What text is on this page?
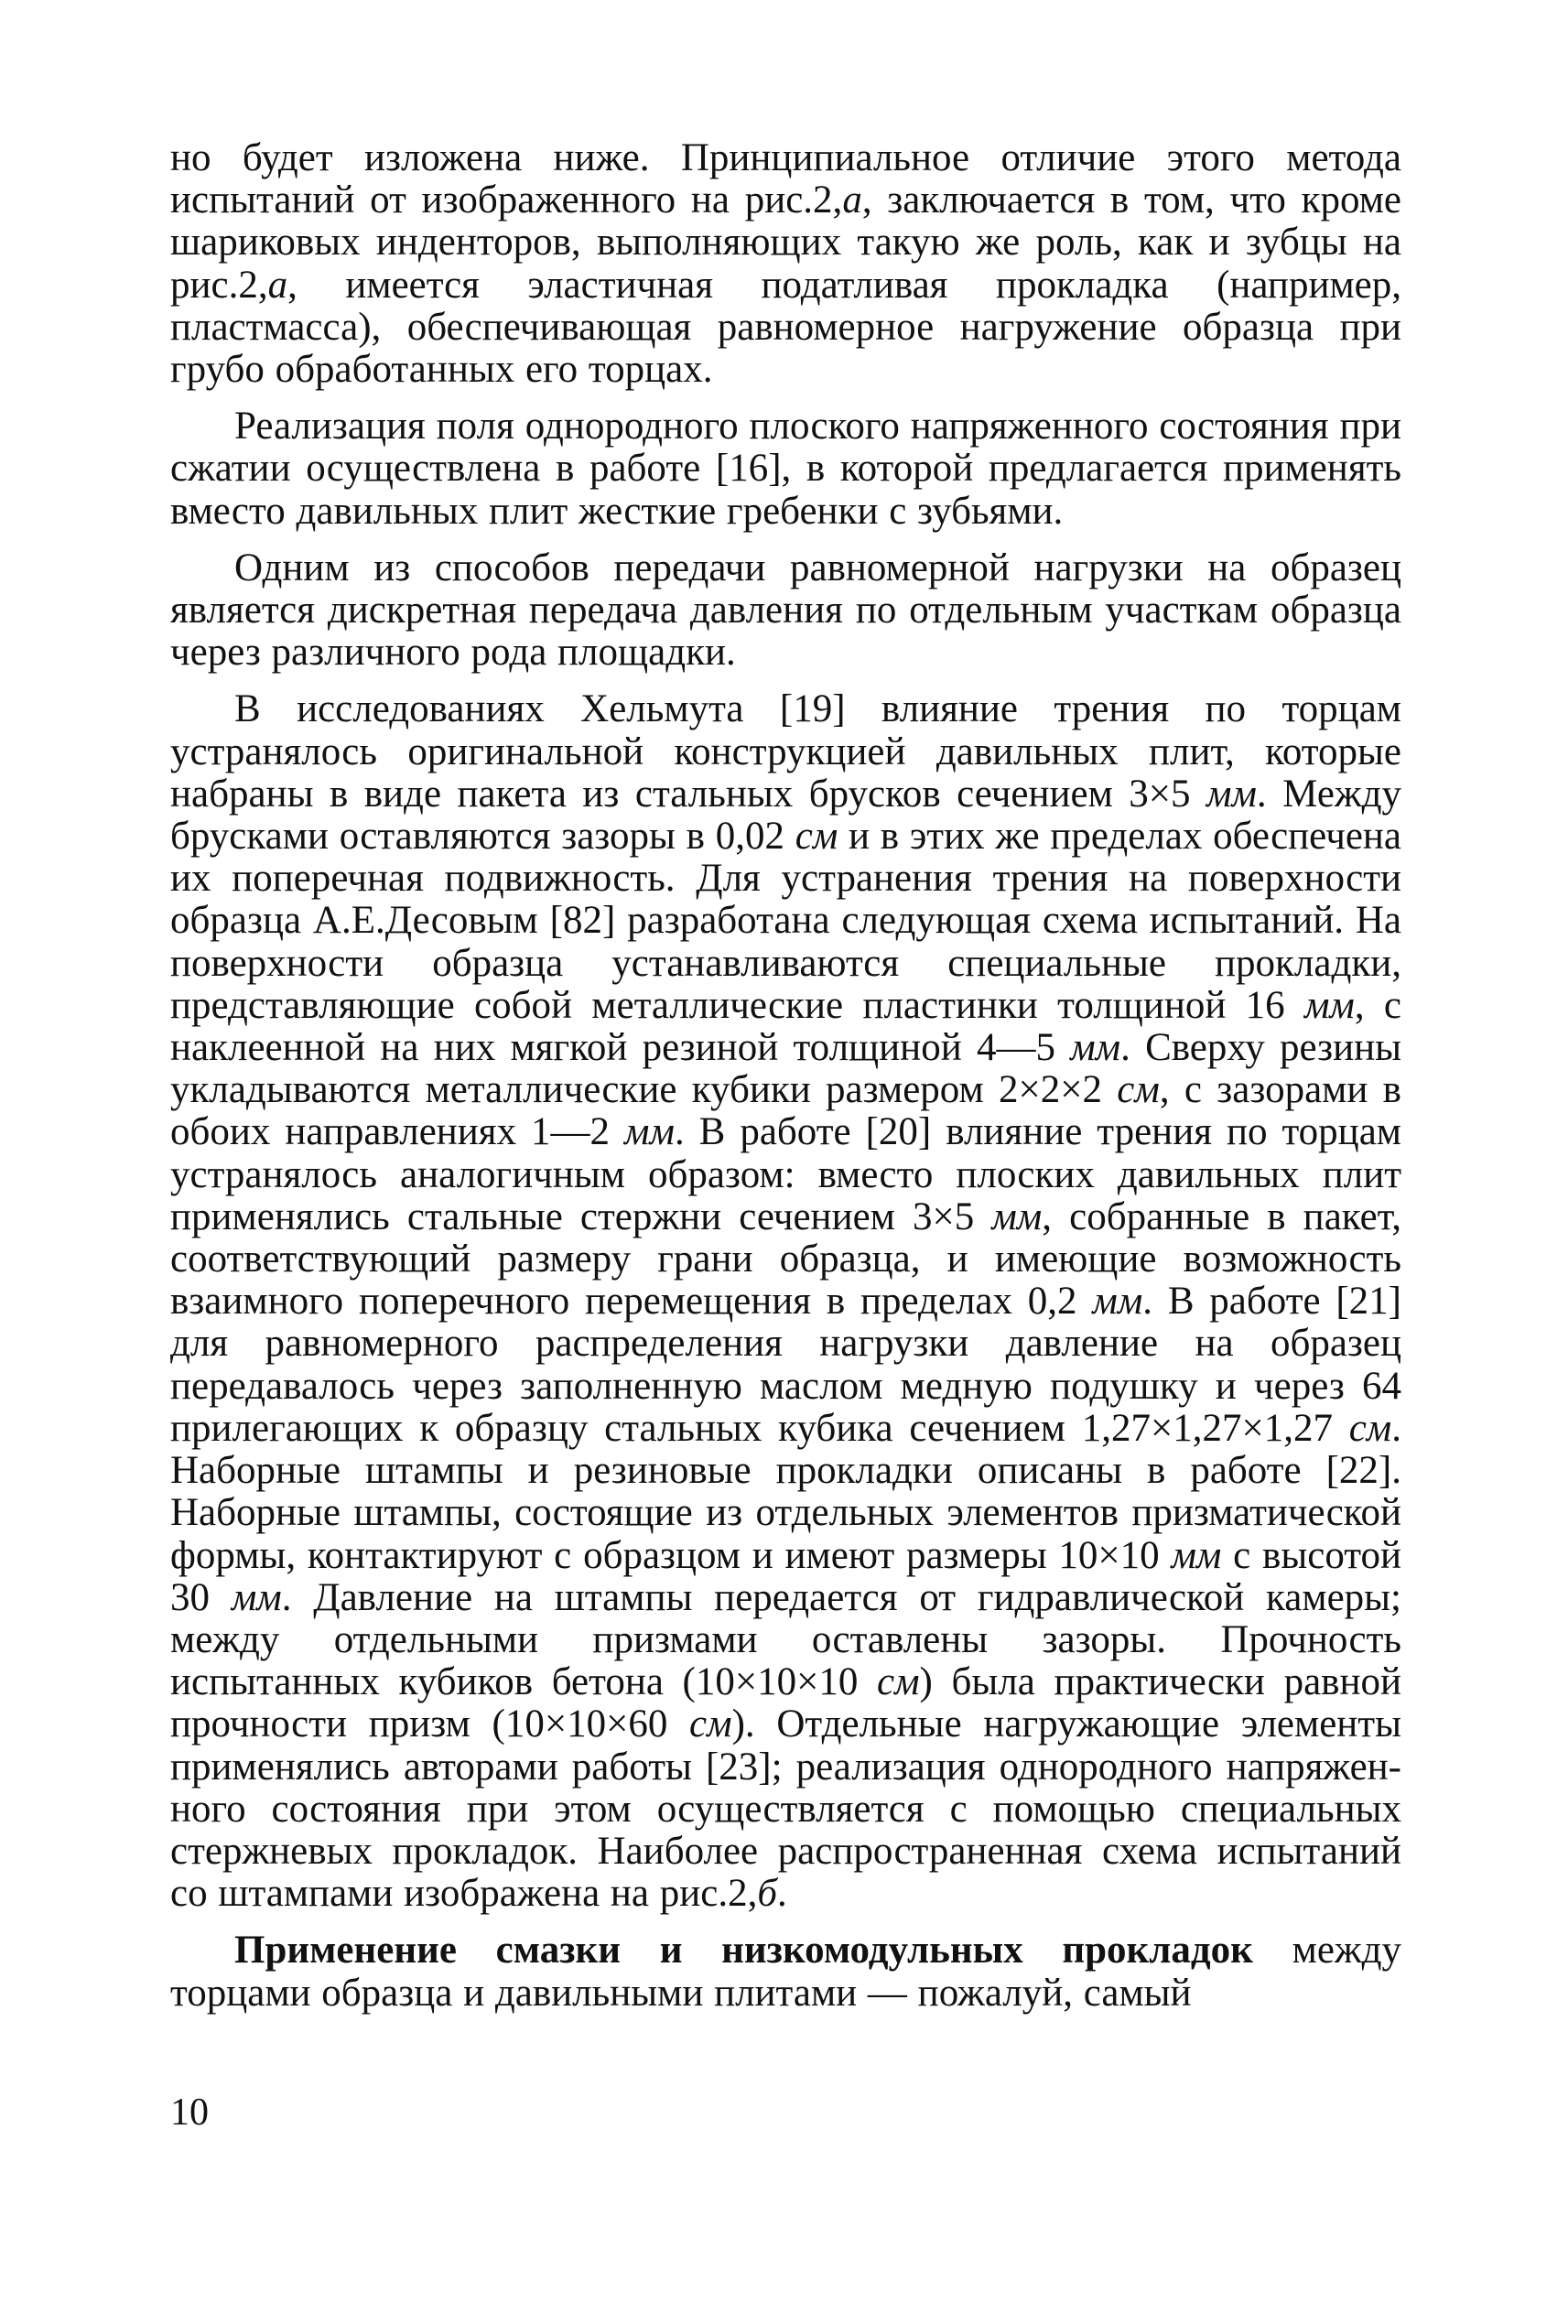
но будет изложена ниже. Принципиальное отличие этого метода испытаний от изображенного на рис.2,а, заключается в том, что кроме шариковых инденторов, выполняющих такую же роль, как и зубцы на рис.2,а, имеется эластичная податливая прокладка (например, пластмасса), обеспечивающая равномерное нагружение образца при грубо обработанных его торцах.

Реализация поля однородного плоского напряженного состояния при сжатии осуществлена в работе [16], в которой предлагается применять вместо давильных плит жесткие гребенки с зубьями.

Одним из способов передачи равномерной нагрузки на образец является дискретная передача давления по отдельным участкам образца через различного рода площадки.

В исследованиях Хельмута [19] влияние трения по торцам устранялось оригинальной конструкцией давильных плит, которые набраны в виде пакета из стальных брусков сечением 3×5 мм. Между брусками оставляются зазоры в 0,02 см и в этих же пределах обеспечена их поперечная подвижность. Для устранения трения на поверхности образца А.Е.Десовым [82] разработана следующая схема испытаний. На поверхности образца устанавливаются специальные прокладки, представляющие собой металлические пластинки толщиной 16 мм, с наклеенной на них мягкой резиной толщиной 4—5 мм. Сверху резины укладываются металлические кубики размером 2×2×2 см, с зазорами в обоих направлениях 1—2 мм. В работе [20] влияние трения по торцам устранялось аналогичным образом: вместо плоских давильных плит применялись стальные стержни сечением 3×5 мм, собранные в пакет, соответствующий размеру грани образца, и имеющие возможность взаимного поперечного перемещения в пределах 0,2 мм. В работе [21] для равномерного распределения нагрузки давление на образец передавалось через заполненную маслом медную подушку и через 64 прилегающих к образцу стальных кубика сечением 1,27×1,27×1,27 см. Наборные штампы и резиновые прокладки описаны в работе [22]. Наборные штампы, состоящие из отдельных элементов призматической формы, контактируют с образцом и имеют размеры 10×10 мм с высотой 30 мм. Давление на штампы передается от гидравлической камеры; между отдельными призмами оставлены зазоры. Прочность испытанных кубиков бетона (10×10×10 см) была практически равной прочности призм (10×10×60 см). Отдельные нагружающие элементы применялись авторами работы [23]; реализация однородного напряженного состояния при этом осуществляется с помощью специальных стержневых прокладок. Наиболее распространенная схема испытаний со штампами изображена на рис.2,б.

Применение смазки и низкомодульных прокладок между торцами образца и давильными плитами — пожалуй, самый

10
